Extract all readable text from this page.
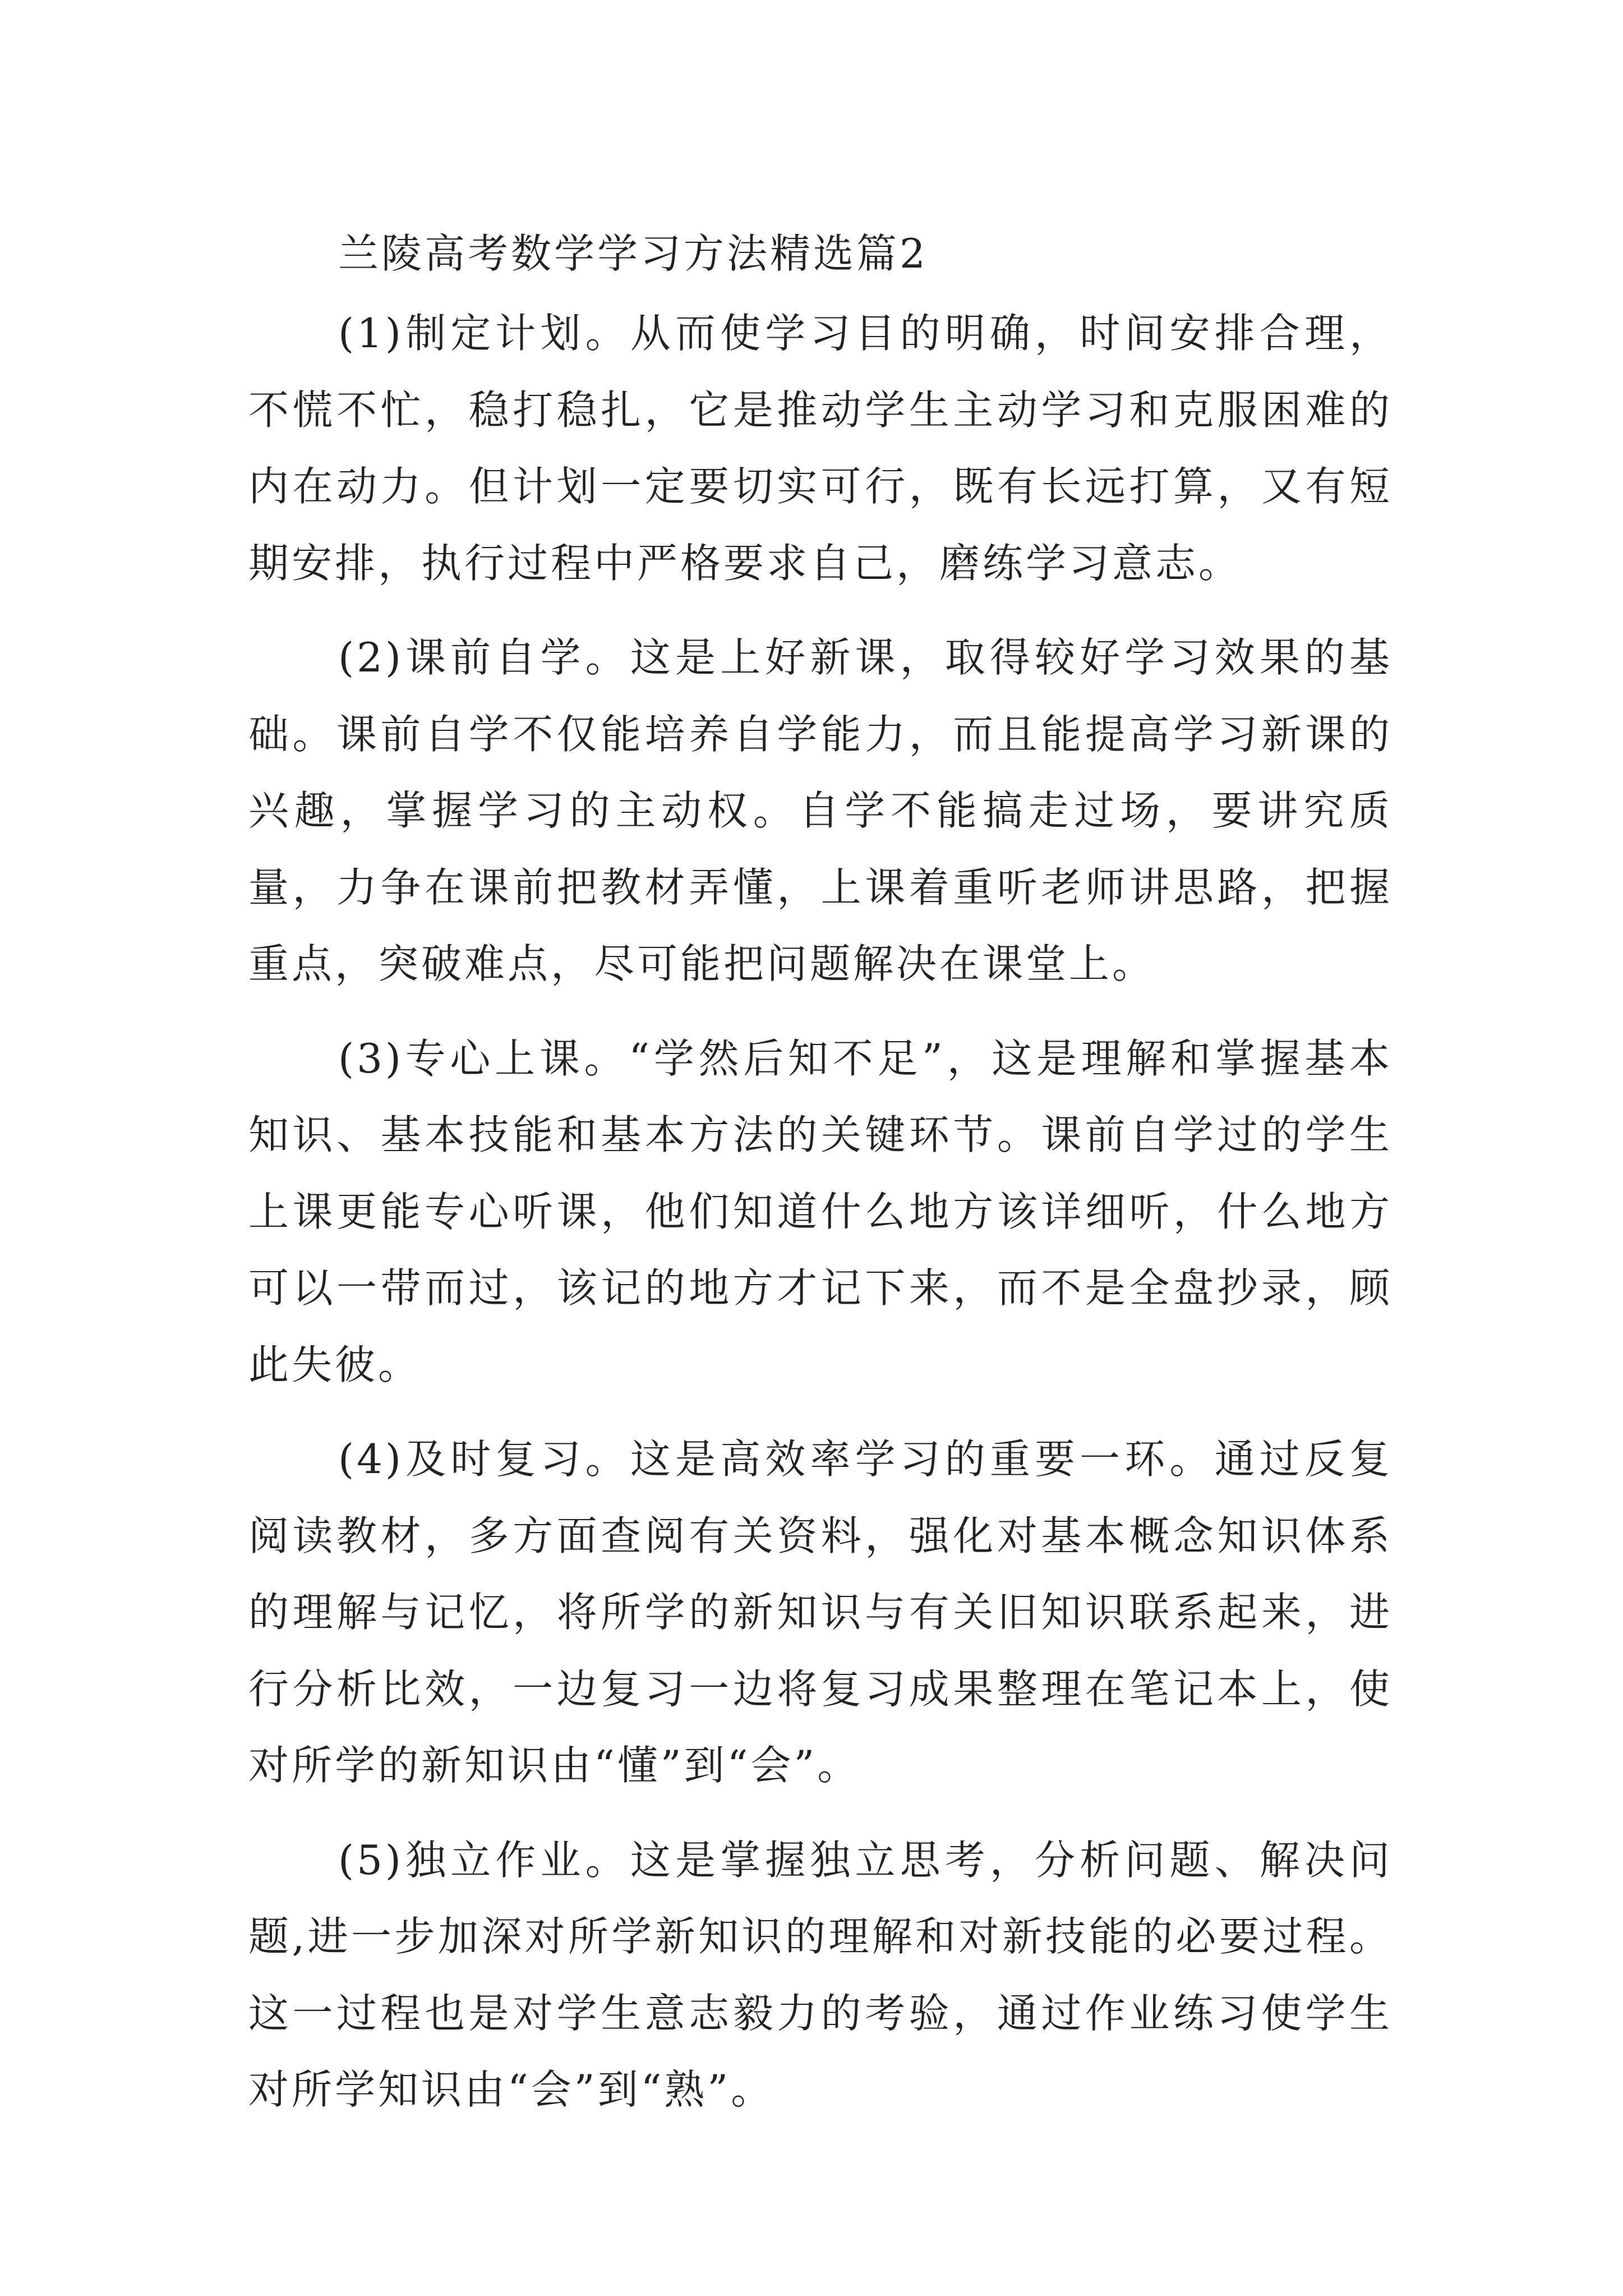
兰陵高考数学学习方法精选篇2

(1)制定计划。从而使学习目的明确，时间安排合理，不慌不忙，稳打稳扎，它是推动学生主动学习和克服困难的内在动力。但计划一定要切实可行，既有长远打算，又有短期安排，执行过程中严格要求自己，磨练学习意志。

(2)课前自学。这是上好新课，取得较好学习效果的基础。课前自学不仅能培养自学能力，而且能提高学习新课的兴趣，掌握学习的主动权。自学不能搞走过场，要讲究质量，力争在课前把教材弄懂，上课着重听老师讲思路，把握重点，突破难点，尽可能把问题解决在课堂上。

(3)专心上课。“学然后知不足”，这是理解和掌握基本知识、基本技能和基本方法的关键环节。课前自学过的学生上课更能专心听课，他们知道什么地方该详细听，什么地方可以一带而过，该记的地方才记下来，而不是全盘抄录，顾此失彼。

(4)及时复习。这是高效率学习的重要一环。通过反复阅读教材，多方面查阅有关资料，强化对基本概念知识体系的理解与记忆，将所学的新知识与有关旧知识联系起来，进行分析比效，一边复习一边将复习成果整理在笔记本上，使对所学的新知识由“懂”到“会”。

(5)独立作业。这是掌握独立思考，分析问题、解决问题,进一步加深对所学新知识的理解和对新技能的必要过程。这一过程也是对学生意志毅力的考验，通过作业练习使学生对所学知识由“会”到“熟”。
